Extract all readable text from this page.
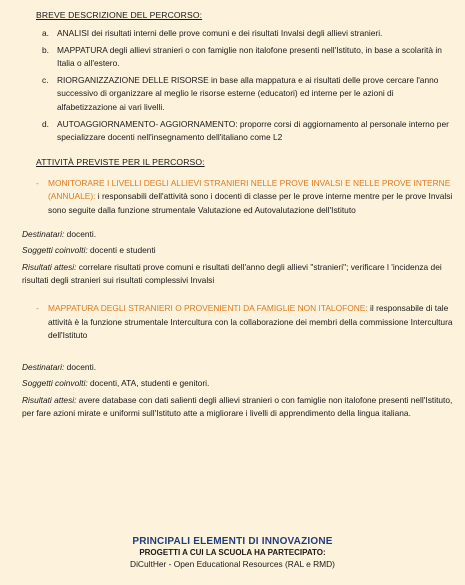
BREVE DESCRIZIONE DEL PERCORSO:

a. ANALISI dei risultati interni delle prove comuni e dei risultati Invalsi degli allievi stranieri.
b. MAPPATURA degli allievi stranieri o con famiglie non italofone presenti nell'Istituto, in base a scolarità in Italia o all'estero.
c. RIORGANIZZAZIONE DELLE RISORSE in base alla mappatura e ai risultati delle prove cercare l'anno successivo di organizzare al meglio le risorse esterne (educatori) ed interne per le azioni di alfabetizzazione ai vari livelli.
d. AUTOAGGIORNAMENTO- AGGIORNAMENTO: proporre corsi di aggiornamento al personale interno per specializzare docenti nell'insegnamento dell'italiano come L2

ATTIVITÀ PREVISTE PER IL PERCORSO:

- MONITORARE I LIVELLI DEGLI ALLIEVI STRANIERI NELLE PROVE INVALSI E NELLE PROVE INTERNE (ANNUALE): i responsabili dell'attività sono i docenti di classe per le prove interne mentre per le prove Invalsi sono seguite dalla funzione strumentale Valutazione ed Autovalutazione dell'Istituto

Destinatari: docenti.

Soggetti coinvolti: docenti e studenti

Risultati attesi: correlare risultati prove comuni e risultati dell'anno degli allievi "stranieri"; verificare l 'incidenza dei risultati degli stranieri sui risultati complessivi Invalsi

- MAPPATURA DEGLI STRANIERI O PROVENIENTI DA FAMIGLIE NON ITALOFONE: il responsabile di tale attività è la funzione strumentale Intercultura con la collaborazione dei membri della commissione Intercultura dell'Istituto

Destinatari: docenti.

Soggetti coinvolti: docenti, ATA, studenti e genitori.

Risultati attesi: avere database con dati salienti degli allievi stranieri o con famiglie non italofone presenti nell'Istituto, per fare azioni mirate e uniformi sull'Istituto atte a migliorare i livelli di apprendimento della lingua italiana.

PRINCIPALI ELEMENTI DI INNOVAZIONE
PROGETTI A CUI LA SCUOLA HA PARTECIPATO:
DiCultHer - Open Educational Resources (RAL e RMD)
